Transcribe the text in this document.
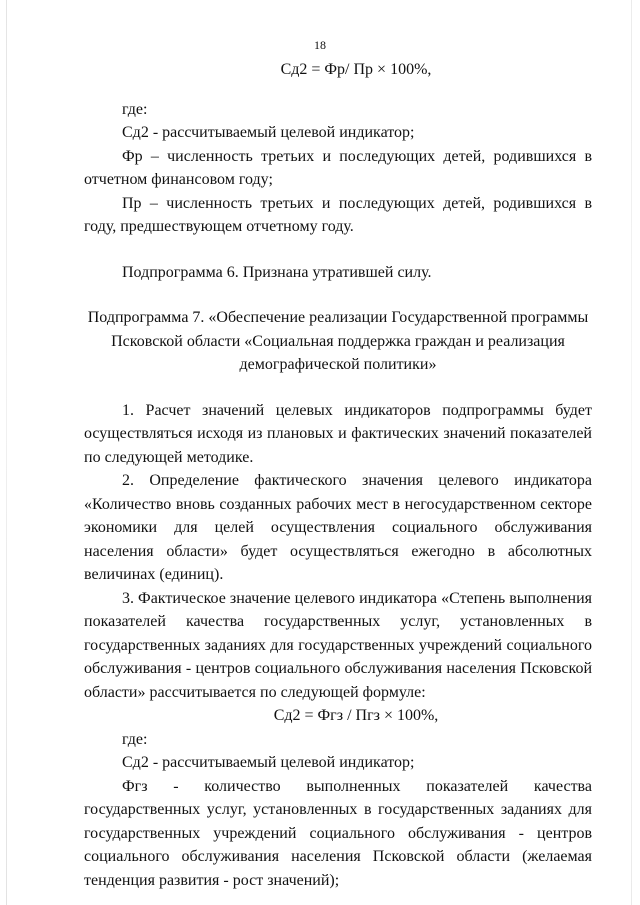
18

Сд2 = Фр/ Пр × 100%,

где:

Сд2 - рассчитываемый целевой индикатор;

Фр – численность третьих и последующих детей, родившихся в отчетном финансовом году;

Пр – численность третьих и последующих детей, родившихся в году, предшествующем отчетному году.

Подпрограмма 6. Признана утратившей силу.

Подпрограмма 7. «Обеспечение реализации Государственной программы Псковской области «Социальная поддержка граждан и реализация демографической политики»

1. Расчет значений целевых индикаторов подпрограммы будет осуществляться исходя из плановых и фактических значений показателей по следующей методике.

2. Определение фактического значения целевого индикатора «Количество вновь созданных рабочих мест в негосударственном секторе экономики для целей осуществления социального обслуживания населения области» будет осуществляться ежегодно в абсолютных величинах (единиц).

3. Фактическое значение целевого индикатора «Степень выполнения показателей качества государственных услуг, установленных в государственных заданиях для государственных учреждений социального обслуживания - центров социального обслуживания населения Псковской области» рассчитывается по следующей формуле:

Сд2 = Фгз / Пгз × 100%,

где:

Сд2 - рассчитываемый целевой индикатор;

Фгз - количество выполненных показателей качества государственных услуг, установленных в государственных заданиях для государственных учреждений социального обслуживания - центров социального обслуживания населения Псковской области (желаемая тенденция развития - рост значений);
